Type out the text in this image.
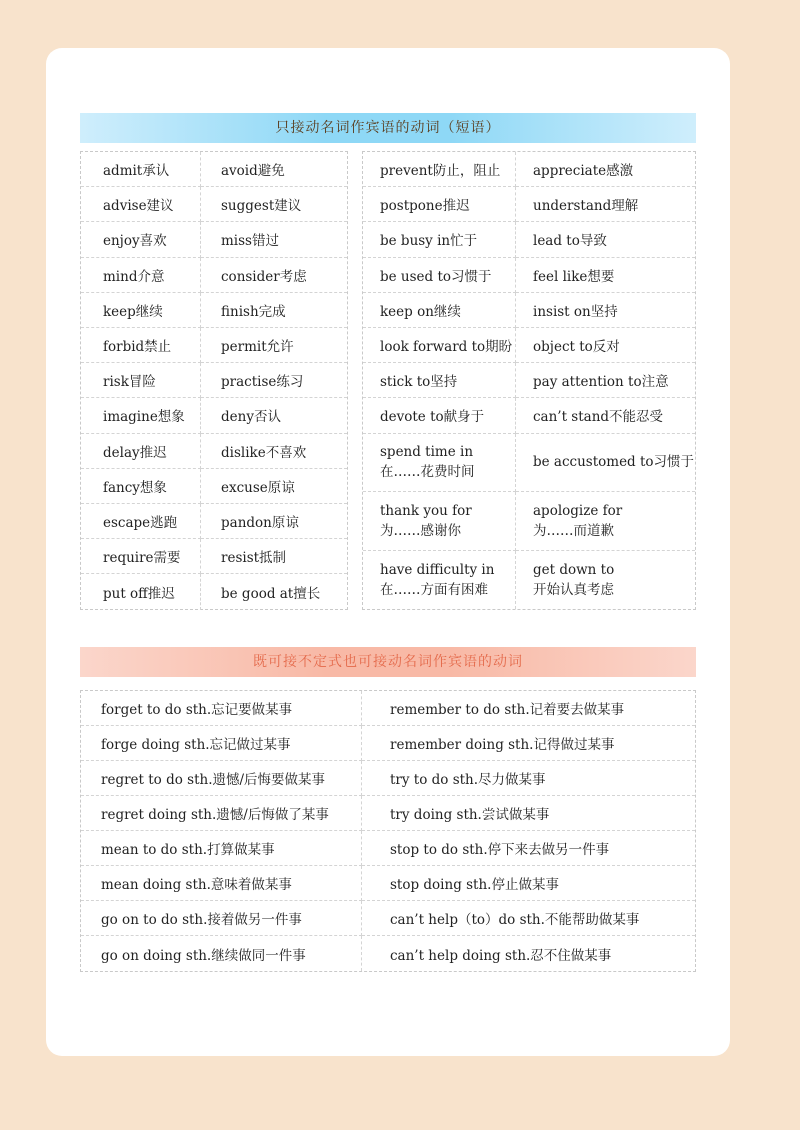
只接动名词作宾语的动词（短语）
admit承认
advise建议
enjoy喜欢
mind介意
keep继续
forbid禁止
risk冒险
imagine想象
delay推迟
fancy想象
escape逃跑
require需要
put off推迟
avoid避免
suggest建议
miss错过
consider考虑
finish完成
permit允许
practise练习
deny否认
dislike不喜欢
excuse原谅
pandon原谅
resist抵制
be good at擅长
prevent防止，阻止
postpone推迟
be busy in忙于
be used to习惯于
keep on继续
look forward to期盼
stick to坚持
devote to献身于
spend time in
在……花费时间
thank you for
为……感谢你
have difficulty in
在……方面有困难
appreciate感激
understand理解
lead to导致
feel like想要
insist on坚持
object to反对
pay attention to注意
can’t stand不能忍受
be accustomed to习惯于
apologize for
为……而道歉
get down to
开始认真考虑
既可接不定式也可接动名词作宾语的动词
forget to do sth.忘记要做某事
forge doing sth.忘记做过某事
regret to do sth.遗憾/后悔要做某事
regret doing sth.遗憾/后悔做了某事
mean to do sth.打算做某事
mean doing sth.意味着做某事
go on to do sth.接着做另一件事
go on doing sth.继续做同一件事
remember to do sth.记着要去做某事
remember doing sth.记得做过某事
try to do sth.尽力做某事
try doing sth.尝试做某事
stop to do sth.停下来去做另一件事
stop doing sth.停止做某事
can’t help（to）do sth.不能帮助做某事
can’t help doing sth.忍不住做某事
